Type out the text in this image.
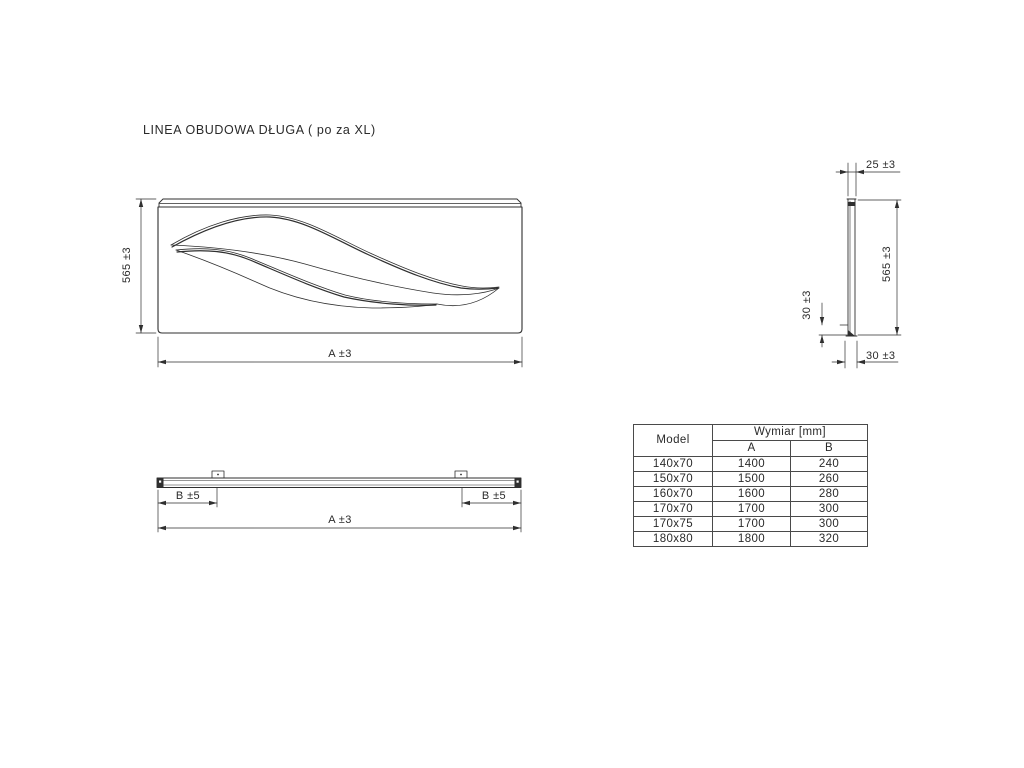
LINEA OBUDOWA DŁUGA ( po za XL)
565 ±3
A ±3
25 ±3
565 ±3
30 ±3
30 ±3
B ±5	B ±5
A ±3
Model	Wymiar [mm]	
	A	B
140x70	1400	240
150x70	1500	260
160x70	1600	280
170x70	1700	300
170x75	1700	300
180x80	1800	320
